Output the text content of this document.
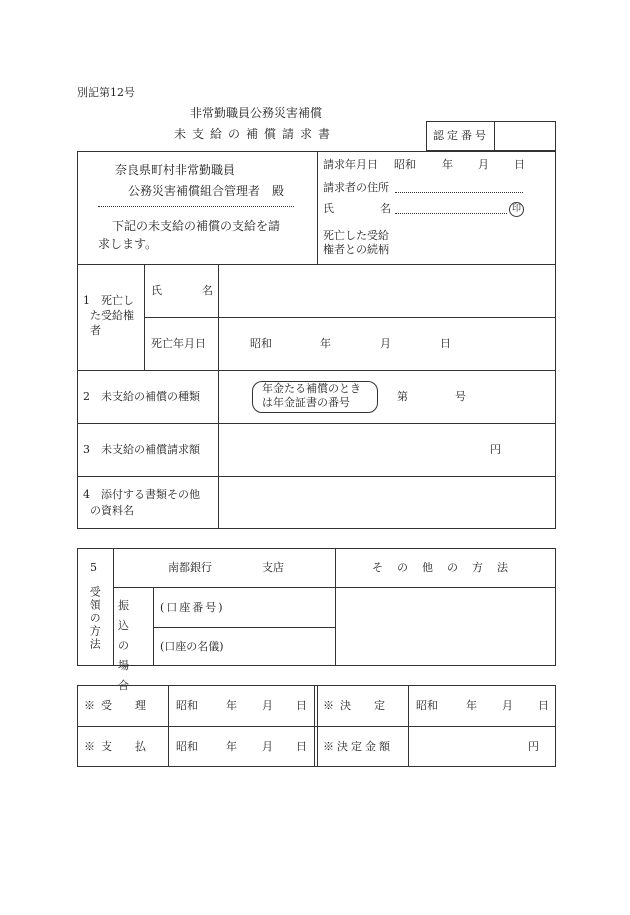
別記第12号
非常勤職員公務災害補償
未支給の補償請求書	認定番号
奈良県町村非常勤職員
公務災害補償組合管理者　殿
下記の未支給の補償の支給を請
求します。
請求年月日 昭和 年 月 日
請求者の住所
氏	名	印
死亡した受給
権者との続柄
1　死亡し
た受給権
者
氏	名
死亡年月日	昭和	年	月	日
2　未支給の補償の種類
年金たる補償のとき
は年金証書の番号	第	号
3　未支給の補償請求額	円
4　添付する書類その他
の資料名
5
受領の方法
南都銀行	支店	その他の方法
振込の場合
(口座番号)
(口座の名儀)
※受　理 昭和	年 月 日 ※決　定 昭和	年 月 日
※支　払 昭和	年 月 日 ※決定金額	円
